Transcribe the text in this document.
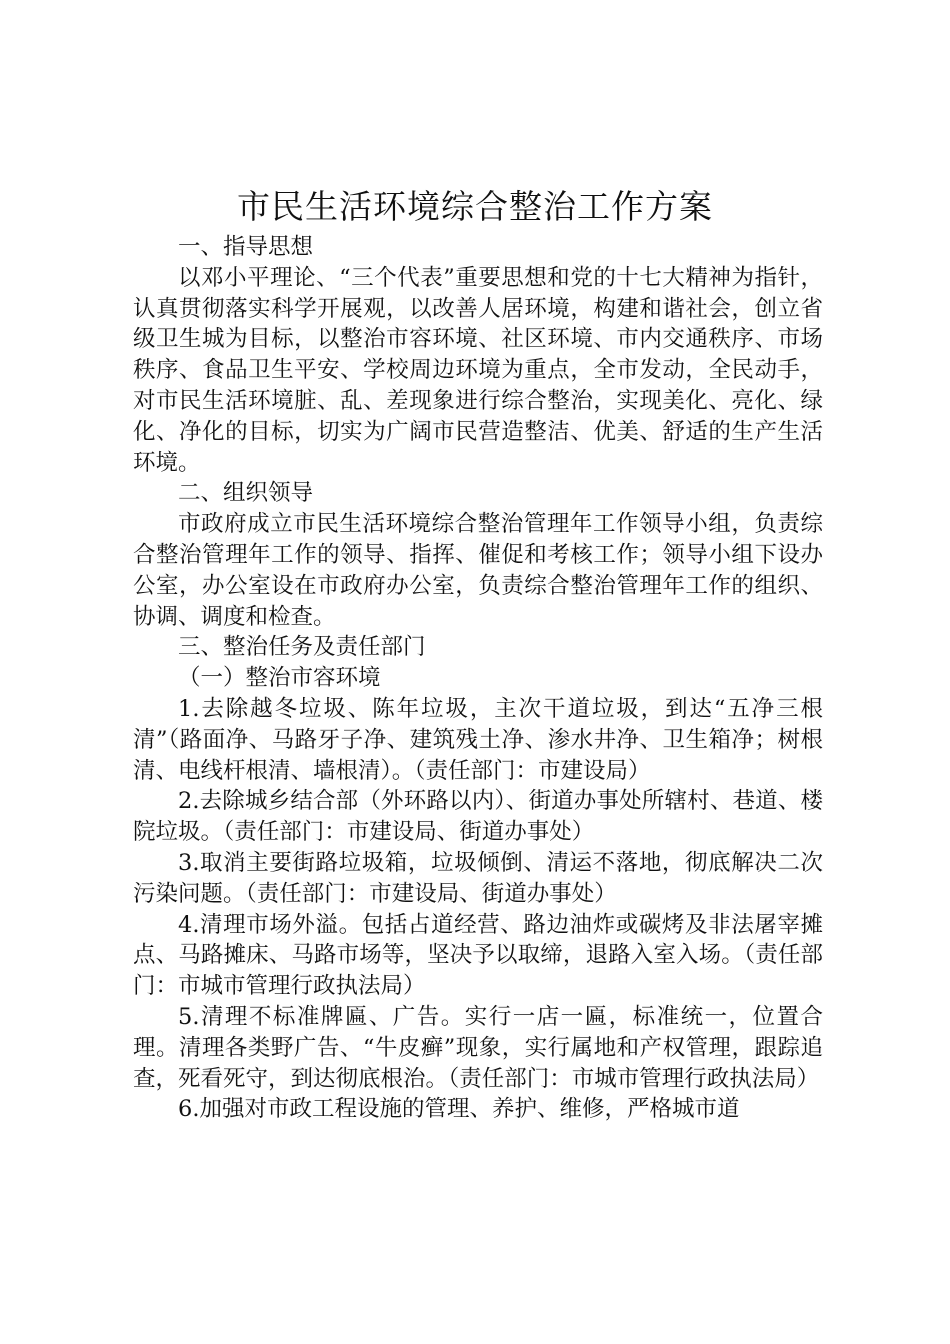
市民生活环境综合整治工作方案

一、指导思想

以邓小平理论、“三个代表”重要思想和党的十七大精神为指针，认真贯彻落实科学开展观，以改善人居环境，构建和谐社会，创立省级卫生城为目标，以整治市容环境、社区环境、市内交通秩序、市场秩序、食品卫生平安、学校周边环境为重点，全市发动，全民动手，对市民生活环境脏、乱、差现象进行综合整治，实现美化、亮化、绿化、净化的目标，切实为广阔市民营造整洁、优美、舒适的生产生活环境。

二、组织领导

市政府成立市民生活环境综合整治管理年工作领导小组，负责综合整治管理年工作的领导、指挥、催促和考核工作；领导小组下设办公室，办公室设在市政府办公室，负责综合整治管理年工作的组织、协调、调度和检查。

三、整治任务及责任部门

（一）整治市容环境

1.去除越冬垃圾、陈年垃圾，主次干道垃圾，到达“五净三根清”（路面净、马路牙子净、建筑残土净、渗水井净、卫生箱净；树根清、电线杆根清、墙根清）。（责任部门：市建设局）

2.去除城乡结合部（外环路以内）、街道办事处所辖村、巷道、楼院垃圾。（责任部门：市建设局、街道办事处）

3.取消主要街路垃圾箱，垃圾倾倒、清运不落地，彻底解决二次污染问题。（责任部门：市建设局、街道办事处）

4.清理市场外溢。包括占道经营、路边油炸或碳烤及非法屠宰摊点、马路摊床、马路市场等，坚决予以取缔，退路入室入场。（责任部门：市城市管理行政执法局）

5.清理不标准牌匾、广告。实行一店一匾，标准统一，位置合理。清理各类野广告、“牛皮癣”现象，实行属地和产权管理，跟踪追查，死看死守，到达彻底根治。（责任部门：市城市管理行政执法局）

6.加强对市政工程设施的管理、养护、维修，严格城市道
